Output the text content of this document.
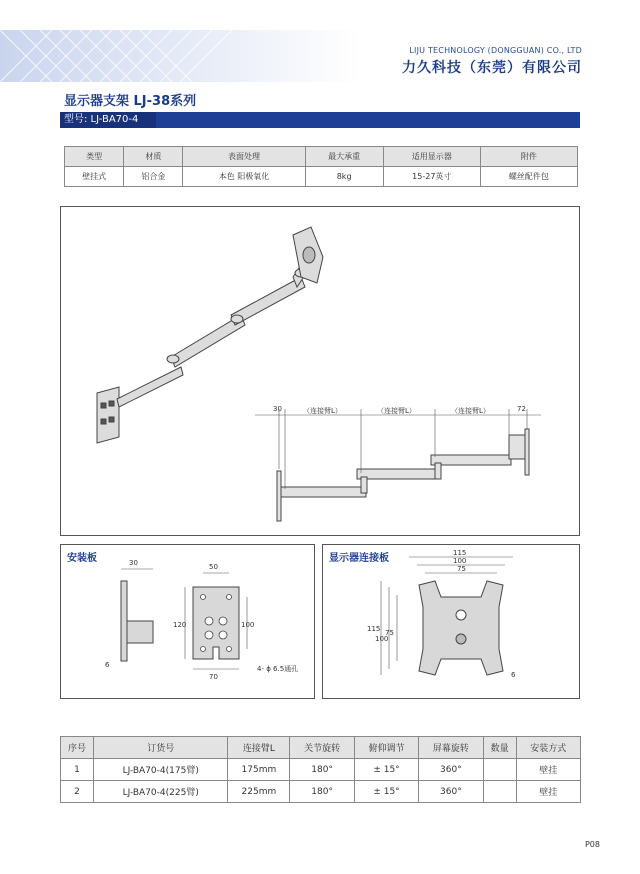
LIJU TECHNOLOGY (DONGGUAN) CO., LTD
力久科技（东莞）有限公司
显示器支架 LJ-38系列
型号: LJ-BA70-4
类型	材质	表面处理	最大承重	适用显示器	附件
壁挂式	铝合金	本色 阳极氧化	8kg	15-27英寸	螺丝配件包
30	（连接臂L）	（连接臂L）	（连接臂L）	72
安装板	30	50
120	100
6
70
4- ϕ 6.5通孔
显示器连接板	115
100
75
115
100
75
6
序号	订货号	连接臂L	关节旋转	俯仰调节	屏幕旋转	数量	安装方式
1	LJ-BA70-4(175臂)	175mm	180°	± 15°	360°		壁挂
2	LJ-BA70-4(225臂)	225mm	180°	± 15°	360°		壁挂
P08
